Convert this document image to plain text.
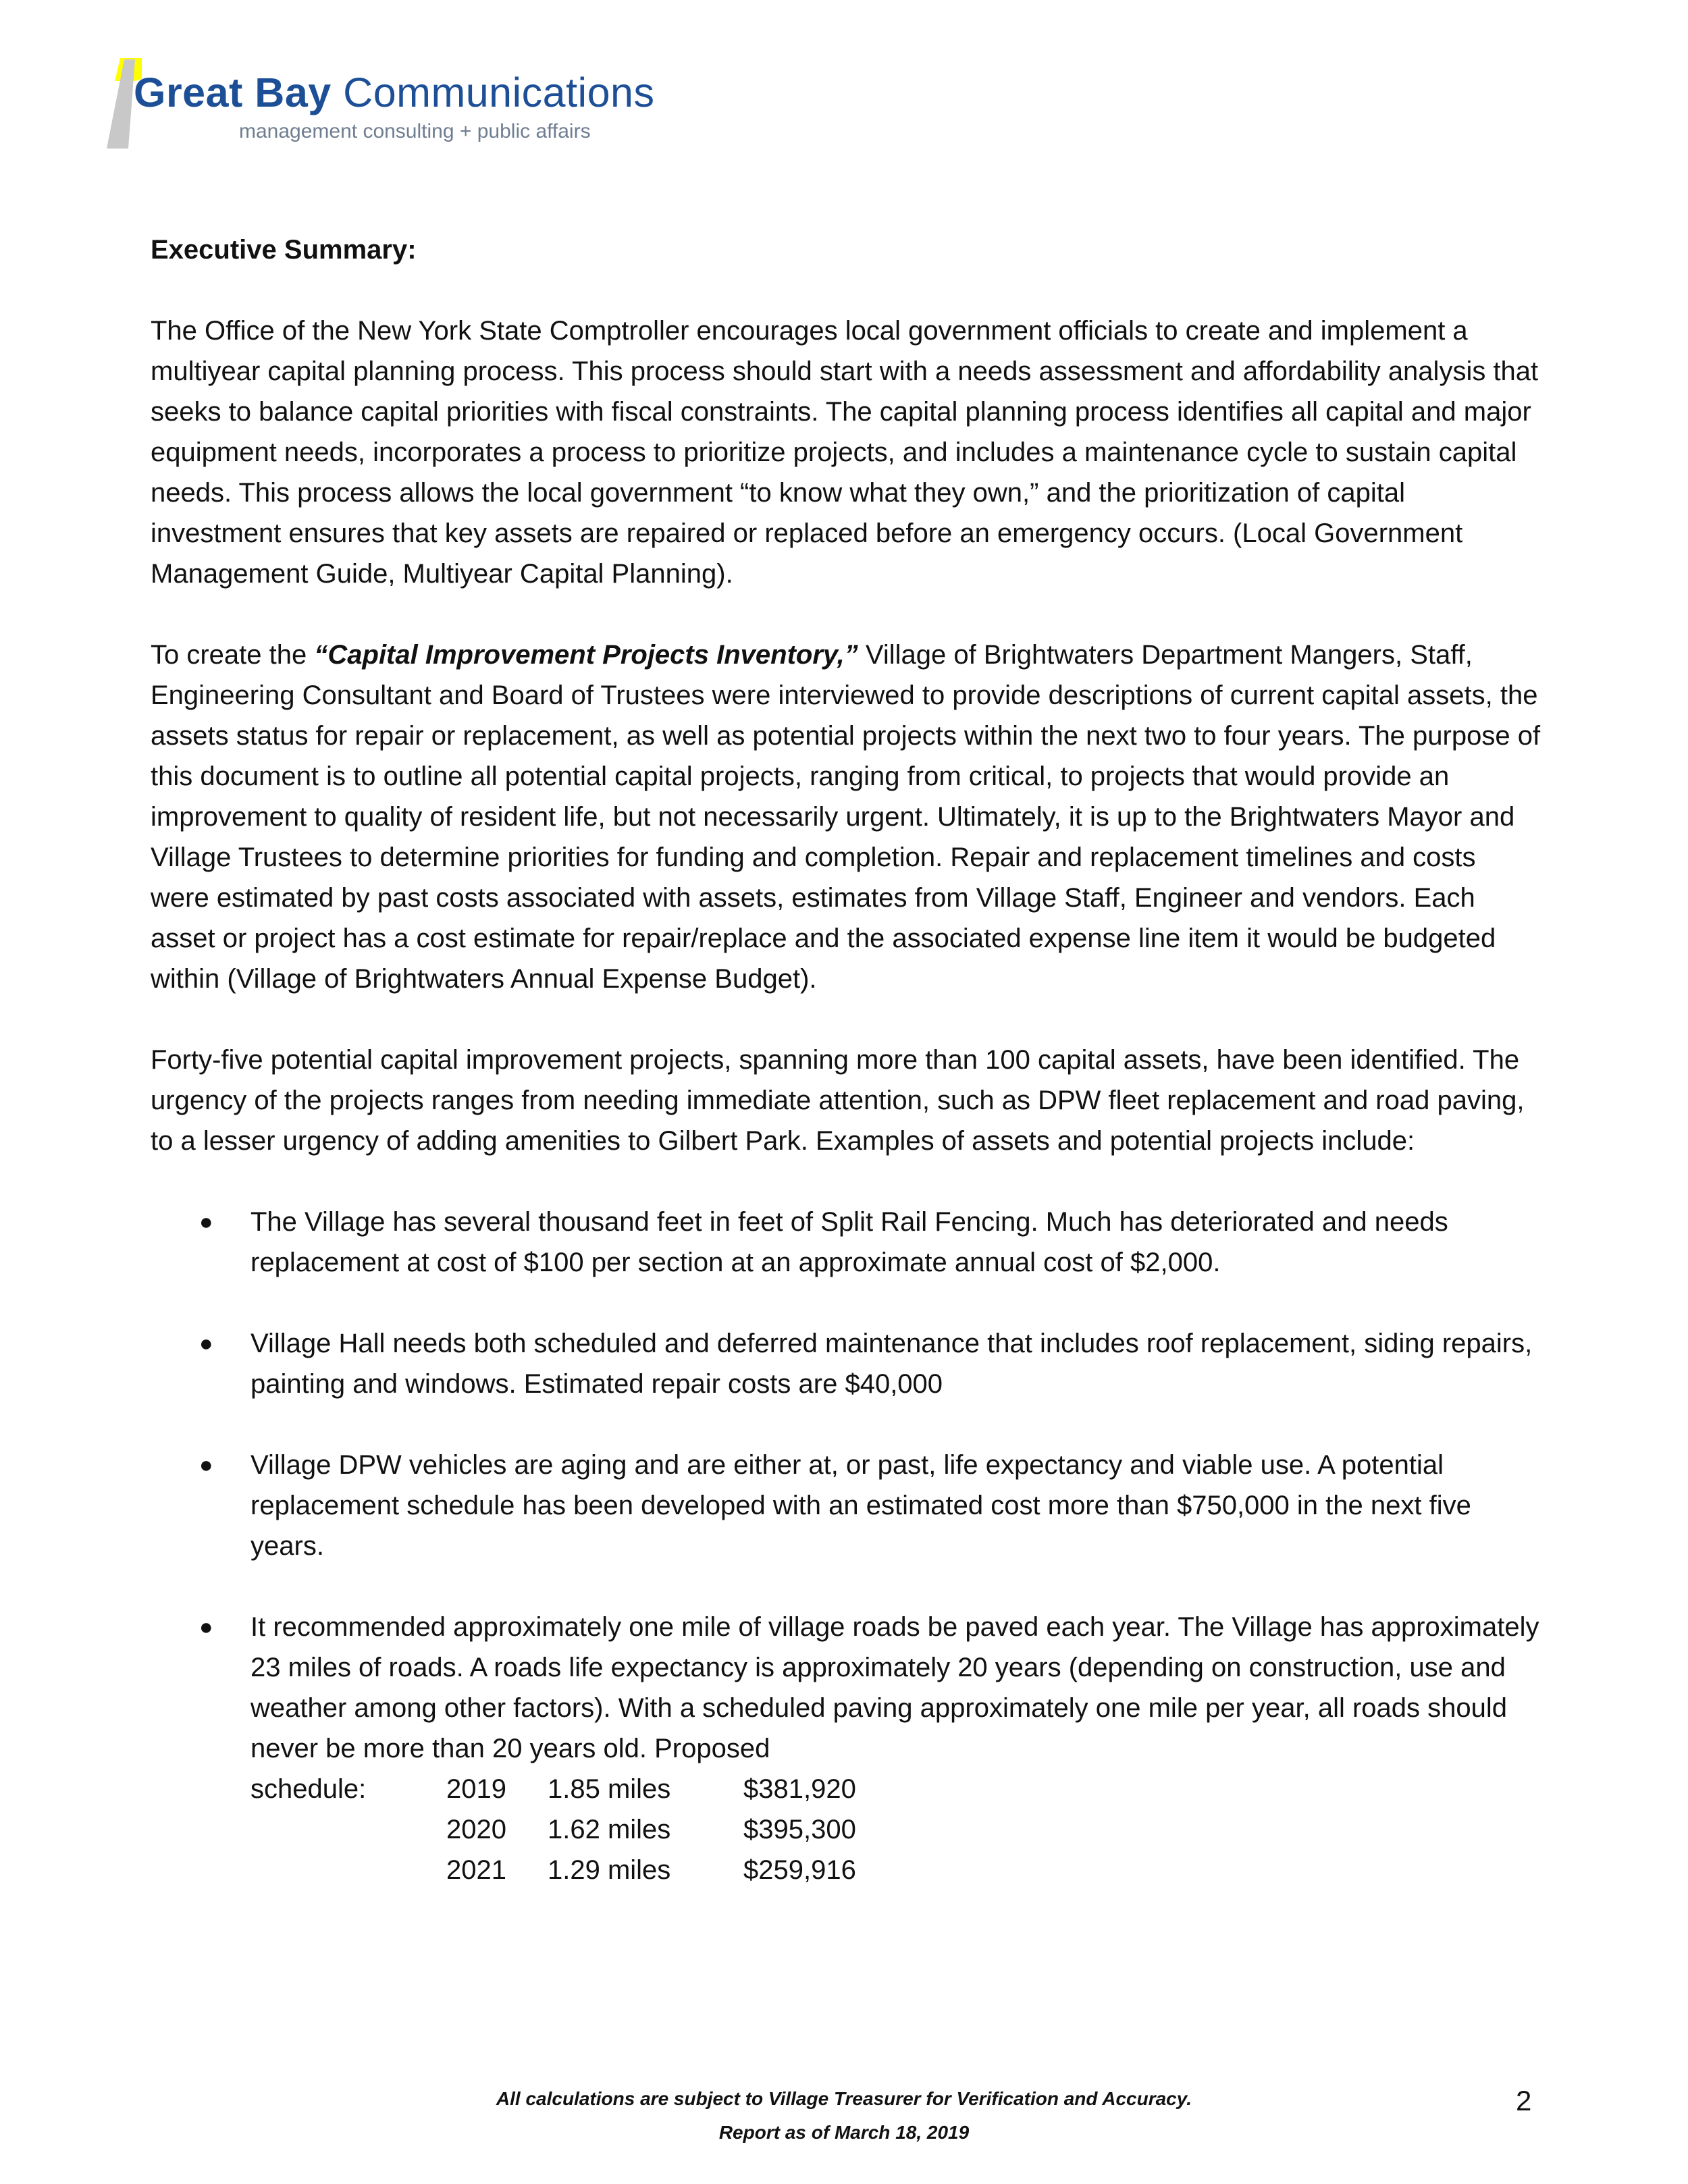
Great Bay Communications
management consulting + public affairs
Executive Summary:

The Office of the New York State Comptroller encourages local government officials to create and implement a multiyear capital planning process. This process should start with a needs assessment and affordability analysis that seeks to balance capital priorities with fiscal constraints. The capital planning process identifies all capital and major equipment needs, incorporates a process to prioritize projects, and includes a maintenance cycle to sustain capital needs. This process allows the local government “to know what they own,” and the prioritization of capital investment ensures that key assets are repaired or replaced before an emergency occurs. (Local Government Management Guide, Multiyear Capital Planning).

To create the “Capital Improvement Projects Inventory,” Village of Brightwaters Department Mangers, Staff, Engineering Consultant and Board of Trustees were interviewed to provide descriptions of current capital assets, the assets status for repair or replacement, as well as potential projects within the next two to four years. The purpose of this document is to outline all potential capital projects, ranging from critical, to projects that would provide an improvement to quality of resident life, but not necessarily urgent. Ultimately, it is up to the Brightwaters Mayor and Village Trustees to determine priorities for funding and completion. Repair and replacement timelines and costs were estimated by past costs associated with assets, estimates from Village Staff, Engineer and vendors. Each asset or project has a cost estimate for repair/replace and the associated expense line item it would be budgeted within (Village of Brightwaters Annual Expense Budget).

Forty-five potential capital improvement projects, spanning more than 100 capital assets, have been identified. The urgency of the projects ranges from needing immediate attention, such as DPW fleet replacement and road paving, to a lesser urgency of adding amenities to Gilbert Park. Examples of assets and potential projects include:

● The Village has several thousand feet in feet of Split Rail Fencing. Much has deteriorated and needs replacement at cost of $100 per section at an approximate annual cost of $2,000.
● Village Hall needs both scheduled and deferred maintenance that includes roof replacement, siding repairs, painting and windows. Estimated repair costs are $40,000
● Village DPW vehicles are aging and are either at, or past, life expectancy and viable use. A potential replacement schedule has been developed with an estimated cost more than $750,000 in the next five years.
● It recommended approximately one mile of village roads be paved each year. The Village has approximately 23 miles of roads. A roads life expectancy is approximately 20 years (depending on construction, use and weather among other factors). With a scheduled paving approximately one mile per year, all roads should never be more than 20 years old. Proposed
schedule:	2019	1.85 miles	$381,920
2020	1.62 miles	$395,300
2021	1.29 miles	$259,916
All calculations are subject to Village Treasurer for Verification and Accuracy.
Report as of March 18, 2019
2
